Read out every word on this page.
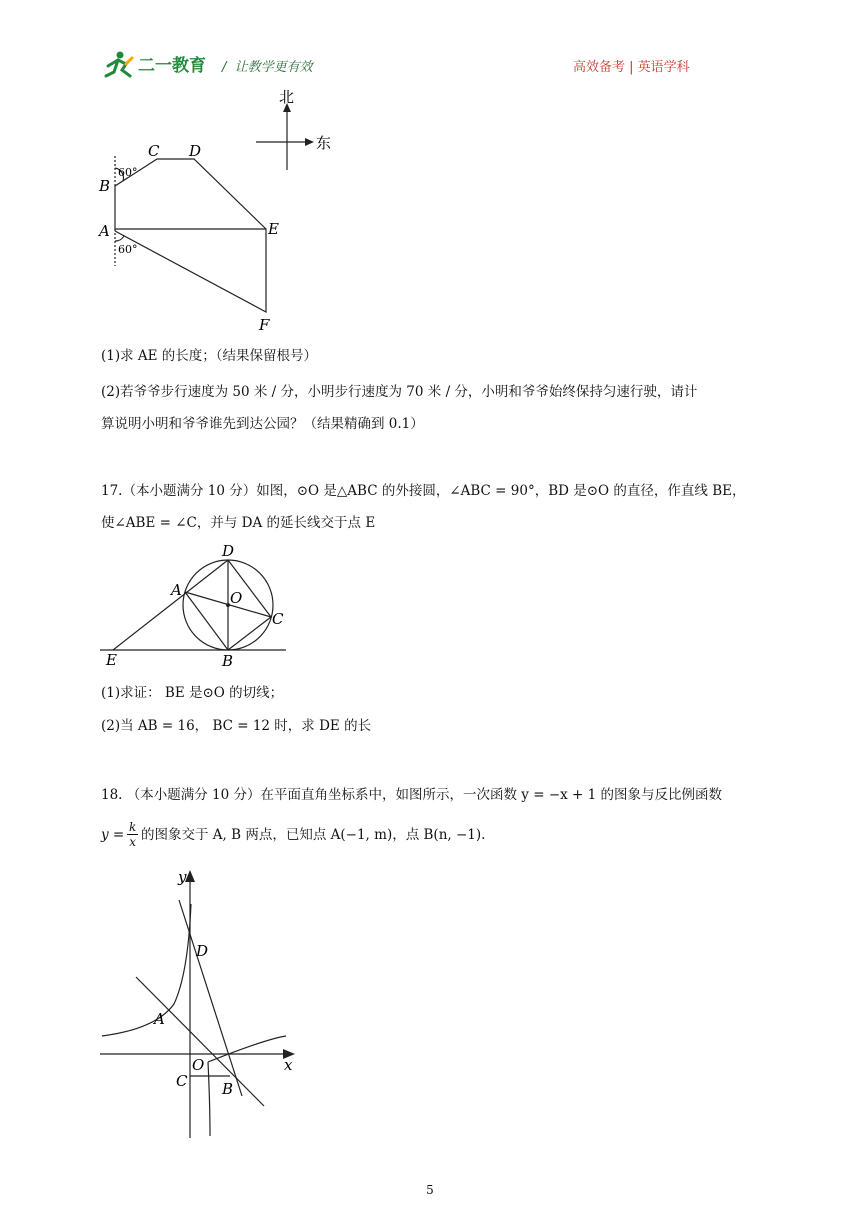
二一教育 /  让教学更有效	高效备考 | 英语学科
北
东
C D
B
A	E
F
60°
60°
(1)求 AE 的长度；（结果保留根号）
(2)若爷爷步行速度为 50 米 / 分，小明步行速度为 70 米 / 分，小明和爷爷始终保持匀速行驶，请计
算说明小明和爷爷谁先到达公园？（结果精确到 0.1）
17.（本小题满分 10 分）如图，⊙O 是△ABC 的外接圆，∠ABC = 90°，BD 是⊙O 的直径，作直线 BE，
使∠ABE = ∠C，并与 DA 的延长线交于点 E
D
A	O
C
E	B
(1)求证： BE 是⊙O 的切线；
(2)当 AB = 16， BC = 12 时，求 DE 的长
18. （本小题满分 10 分）在平面直角坐标系中，如图所示，一次函数 y = −x + 1 的图象与反比例函数
$y = \frac{k}{x}$ 的图象交于 A, B 两点，已知点 A(−1, m)，点 B(n, −1).
y
x
D
A
O
C B
5
